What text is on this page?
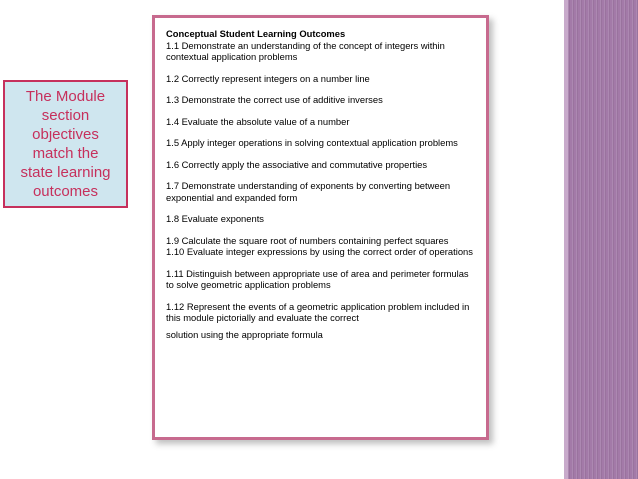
The Module
section
objectives
match the
state learning
outcomes
Conceptual Student Learning Outcomes
1.1 Demonstrate an understanding of the concept of integers within contextual application problems
1.2 Correctly represent integers on a number line
1.3 Demonstrate the correct use of additive inverses
1.4 Evaluate the absolute value of a number
1.5 Apply integer operations in solving contextual application problems
1.6 Correctly apply the associative and commutative properties
1.7 Demonstrate understanding of exponents by converting between exponential and expanded form
1.8 Evaluate exponents
1.9 Calculate the square root of numbers containing perfect squares
1.10 Evaluate integer expressions by using the correct order of operations
1.11 Distinguish between appropriate use of area and perimeter formulas to solve geometric application problems
1.12 Represent the events of a geometric application problem included in this module pictorially and evaluate the correct
solution using the appropriate formula
